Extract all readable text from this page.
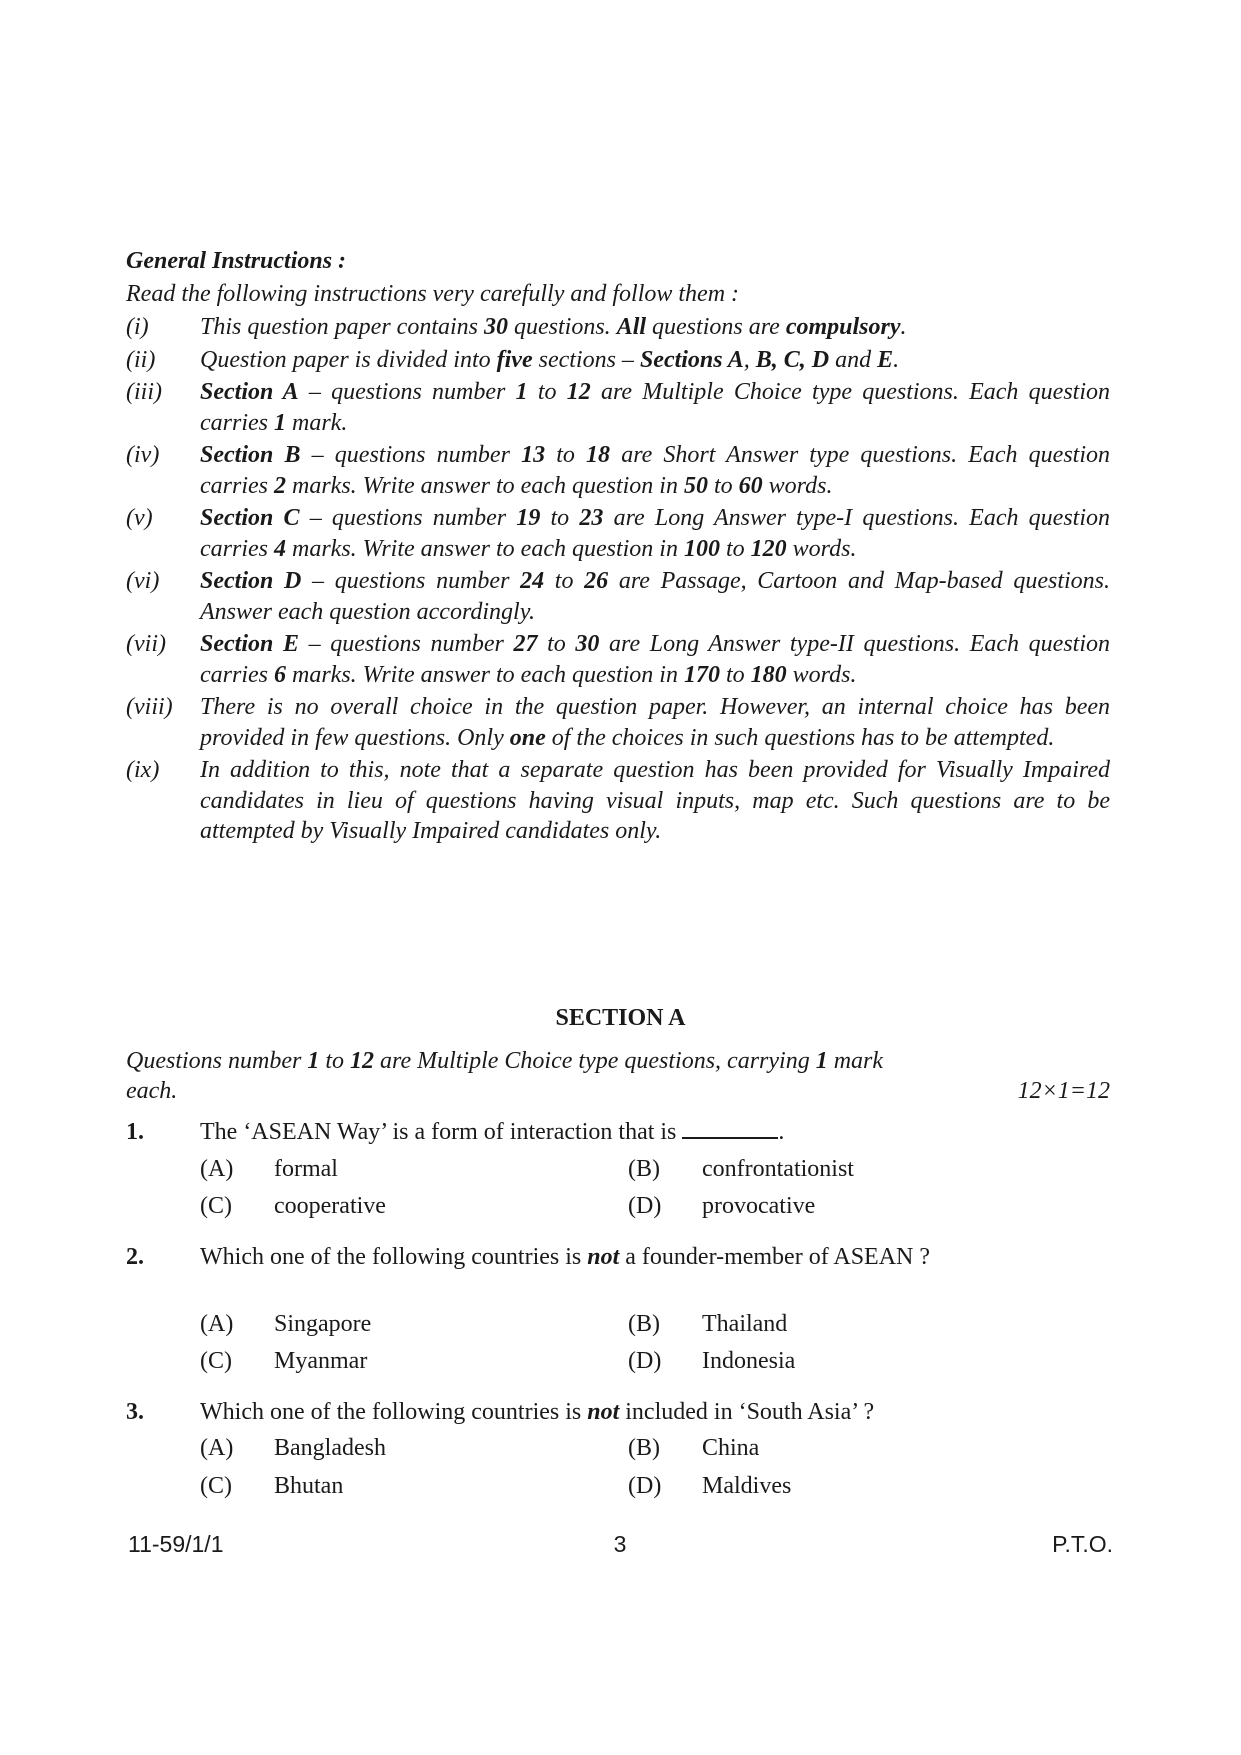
General Instructions :
Read the following instructions very carefully and follow them :
(i)	This question paper contains 30 questions. All questions are compulsory.
(ii)	Question paper is divided into five sections – Sections A, B, C, D and E.
(iii)	Section A – questions number 1 to 12 are Multiple Choice type questions. Each question carries 1 mark.
(iv)	Section B – questions number 13 to 18 are Short Answer type questions. Each question carries 2 marks. Write answer to each question in 50 to 60 words.
(v)	Section C – questions number 19 to 23 are Long Answer type-I questions. Each question carries 4 marks. Write answer to each question in 100 to 120 words.
(vi)	Section D – questions number 24 to 26 are Passage, Cartoon and Map-based questions. Answer each question accordingly.
(vii)	Section E – questions number 27 to 30 are Long Answer type-II questions. Each question carries 6 marks. Write answer to each question in 170 to 180 words.
(viii)	There is no overall choice in the question paper. However, an internal choice has been provided in few questions. Only one of the choices in such questions has to be attempted.
(ix)	In addition to this, note that a separate question has been provided for Visually Impaired candidates in lieu of questions having visual inputs, map etc. Such questions are to be attempted by Visually Impaired candidates only.
SECTION A
Questions number 1 to 12 are Multiple Choice type questions, carrying 1 mark
each.	12×1=12
1. The ‘ASEAN Way’ is a form of interaction that is	.
(A) formal	(B) confrontationist
(C) cooperative	(D) provocative
2. Which one of the following countries is not a founder-member of ASEAN ?
(A) Singapore	(B) Thailand
(C) Myanmar	(D) Indonesia
3. Which one of the following countries is not included in ‘South Asia’ ?
(A) Bangladesh	(B) China
(C) Bhutan	(D) Maldives
11-59/1/1	3	P.T.O.
